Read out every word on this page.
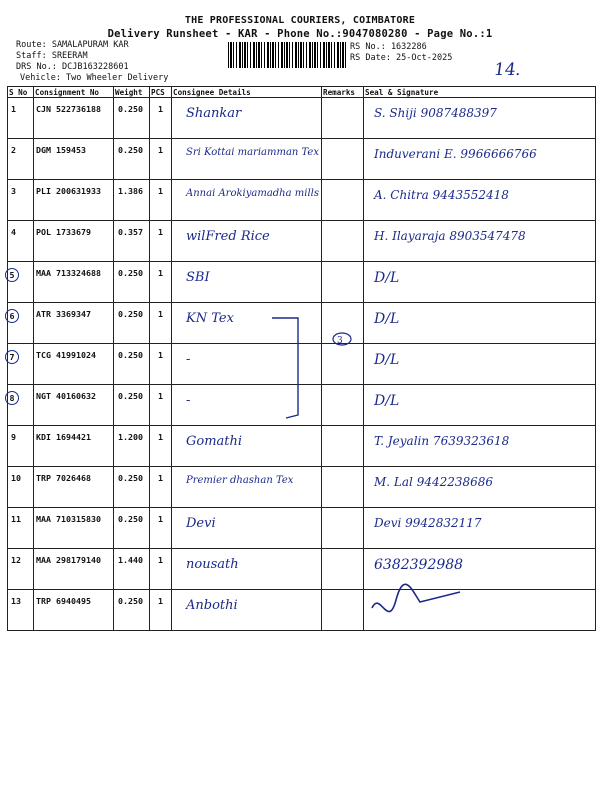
THE PROFESSIONAL COURIERS, COIMBATORE
Delivery Runsheet - KAR - Phone No.:9047080280 - Page No.:1
Route: SAMALAPURAM KAR
Staff: SREERAM
DRS No.: DCJB163228601
Vehicle: Two Wheeler Delivery
RS No.: 1632286
RS Date: 25-Oct-2025
14.
S No	Consignment No	Weight	PCS	Consignee Details	Remarks	Seal & Signature
1	CJN 522736188	0.250	1	Shankar		S. Shiji 9087488397

2	DGM 159453	0.250	1	Sri Kottai mariamman Tex		Induverani E. 9966666766

3	PLI 200631933	1.386	1	Annai Arokiyamadha mills		A. Chitra 9443552418

4	POL 1733679	0.357	1	wilFred Rice		H. Ilayaraja 8903547478

5	MAA 713324688	0.250	1	SBI		D/L

6	ATR 3369347	0.250	1	KN Tex		D/L

7	TCG 41991024	0.250	1	-		D/L

8	NGT 40160632	0.250	1	-		D/L

9	KDI 1694421	1.200	1	Gomathi		T. Jeyalin 7639323618

10	TRP 7026468	0.250	1	Premier dhashan Tex		M. Lal 9442238686

11	MAA 710315830	0.250	1	Devi		Devi 9942832117

12	MAA 298179140	1.440	1	nousath		6382392988

13	TRP 6940495	0.250	1	Anbothi

3
